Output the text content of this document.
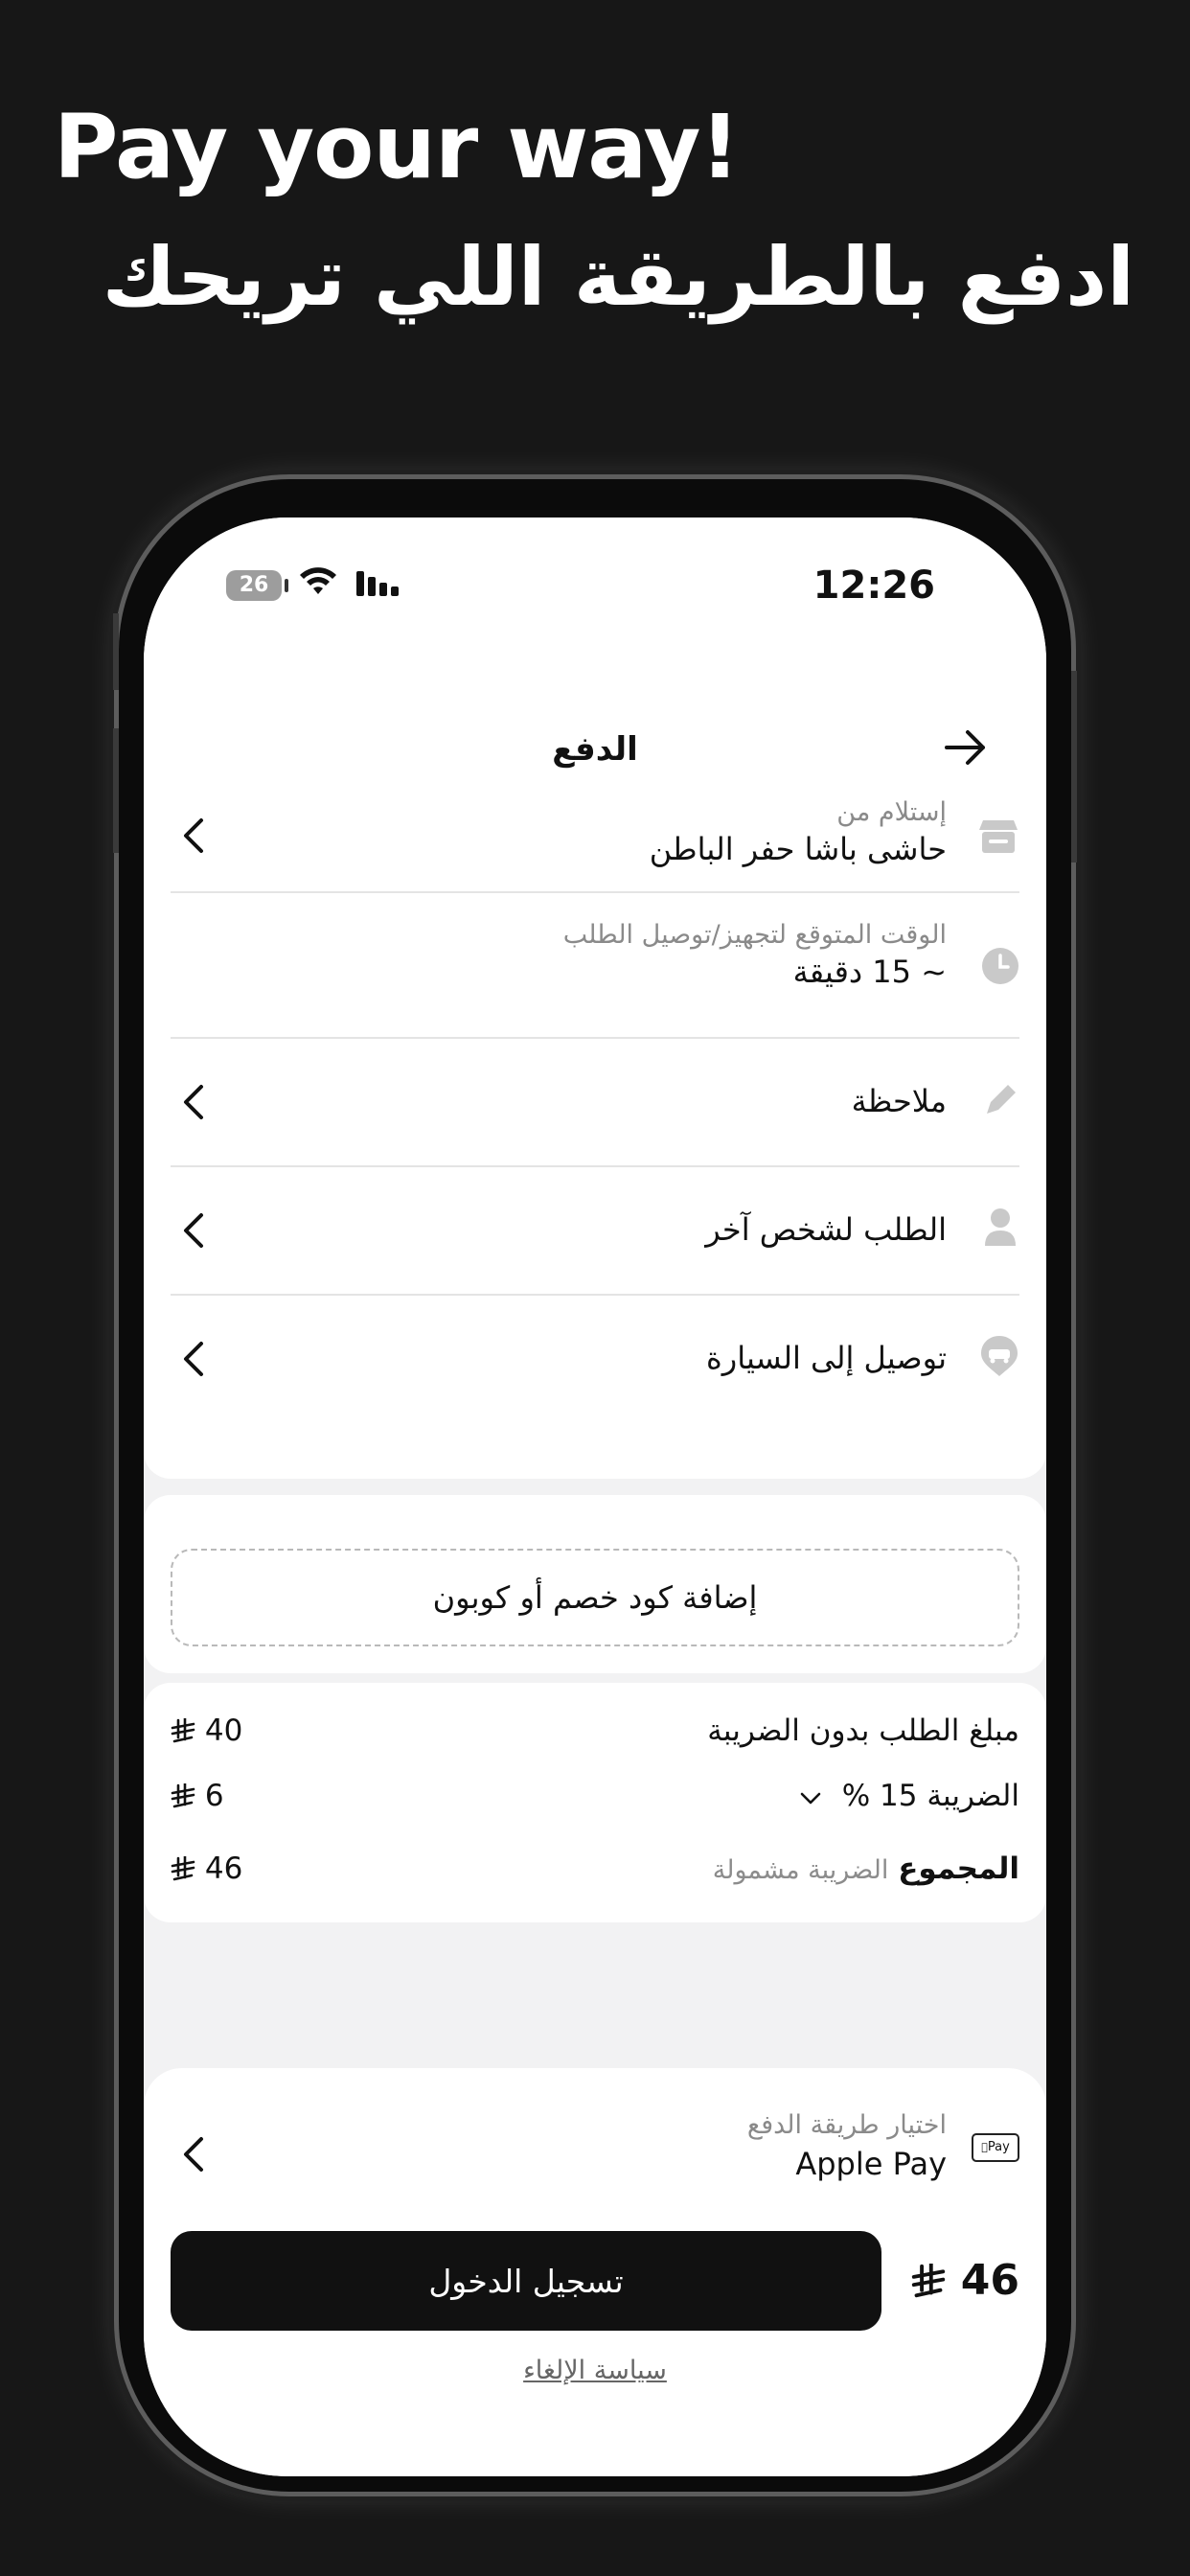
Pay your way!
ادفع بالطريقة اللي تريحك
26	12:26
الدفع
إستلام من
حاشى باشا حفر الباطن
الوقت المتوقع لتجهيز/توصيل الطلب
~ 15 دقيقة
ملاحظة
الطلب لشخص آخر
توصيل إلى السيارة
إضافة كود خصم أو كوبون
مبلغ الطلب بدون الضريبة
40
الضريبة 15 %
6
المجموع الضريبة مشمولة
46
Pay
اختيار طريقة الدفع
Apple Pay
تسجيل الدخول	46
سياسة الإلغاء
